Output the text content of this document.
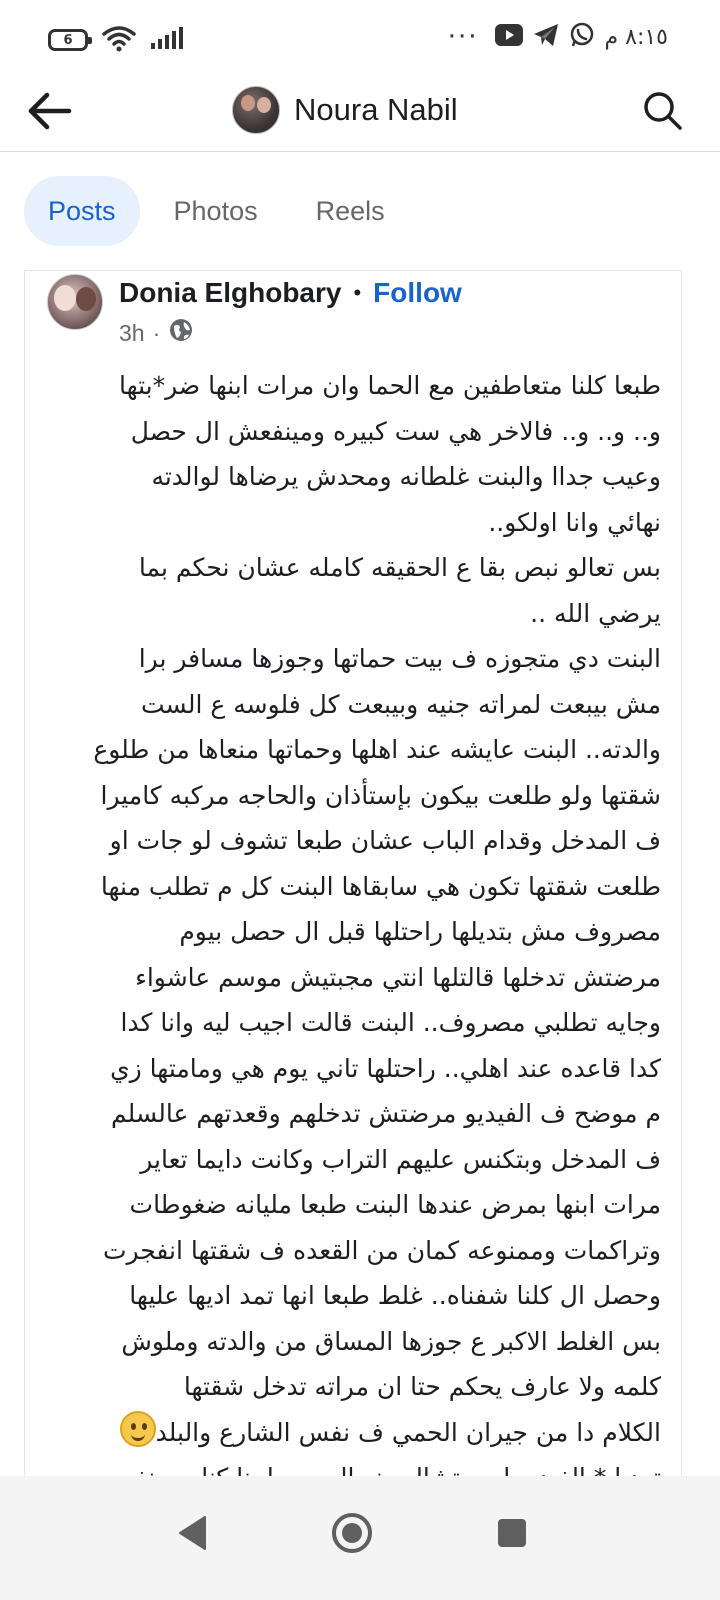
6	···	٨:١٥ م
Noura Nabil
Posts	Photos	Reels
Donia Elghobary • Follow
3h ·

طبعا كلنا متعاطفين مع الحما وان مرات ابنها ضر*بتها

و.. و.. و.. فالاخر هي ست كبيره ومينفعش ال حصل

وعيب جداا والبنت غلطانه ومحدش يرضاها لوالدته

نهائي وانا اولكو..

بس تعالو نبص بقا ع الحقيقه كامله عشان نحكم بما

يرضي الله ..

البنت دي متجوزه ف بيت حماتها وجوزها مسافر برا

مش بيبعت لمراته جنيه وبيبعت كل فلوسه ع الست

والدته.. البنت عايشه عند اهلها وحماتها منعاها من طلوع

شقتها ولو طلعت بيكون بإستأذان والحاجه مركبه كاميرا

ف المدخل وقدام الباب عشان طبعا تشوف لو جات او

طلعت شقتها تكون هي سابقاها البنت كل م تطلب منها

مصروف مش بتديلها راحتلها قبل ال حصل بيوم

مرضتش تدخلها قالتلها انتي مجبتيش موسم عاشواء

وجايه تطلبي مصروف.. البنت قالت اجيب ليه وانا كدا

كدا قاعده عند اهلي.. راحتلها تاني يوم هي ومامتها زي

م موضح ف الفيديو مرضتش تدخلهم وقعدتهم عالسلم

ف المدخل وبتكنس عليهم التراب وكانت دايما تعاير

مرات ابنها بمرض عندها البنت طبعا مليانه ضغوطات

وتراكمات وممنوعه كمان من القعده ف شقتها انفجرت

وحصل ال كلنا شفناه.. غلط طبعا انها تمد اديها عليها

بس الغلط الاكبر ع جوزها المساق من والدته وملوش

كلمه ولا عارف يحكم حتا ان مراته تدخل شقتها

الكلام دا من جيران الحمي ف نفس الشارع والبلد
